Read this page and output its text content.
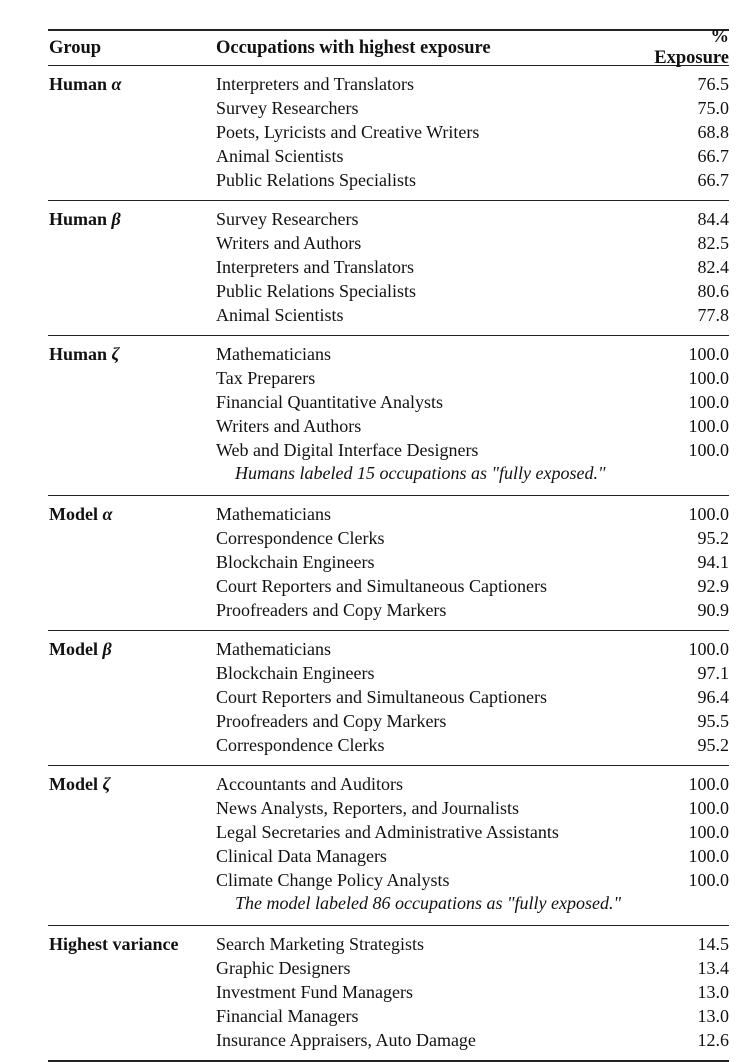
Group	Occupations with highest exposure
% Exposure
Human α	Interpreters and Translators	76.5
Survey Researchers	75.0
Poets, Lyricists and Creative Writers	68.8
Animal Scientists	66.7
Public Relations Specialists	66.7
Human β	Survey Researchers	84.4
Writers and Authors	82.5
Interpreters and Translators	82.4
Public Relations Specialists	80.6
Animal Scientists	77.8
Human ζ	Mathematicians	100.0
Tax Preparers	100.0
Financial Quantitative Analysts	100.0
Writers and Authors	100.0
Web and Digital Interface Designers	100.0
Humans labeled 15 occupations as "fully exposed."
Model α	Mathematicians	100.0
Correspondence Clerks	95.2
Blockchain Engineers	94.1
Court Reporters and Simultaneous Captioners	92.9
Proofreaders and Copy Markers	90.9
Model β	Mathematicians	100.0
Blockchain Engineers	97.1
Court Reporters and Simultaneous Captioners	96.4
Proofreaders and Copy Markers	95.5
Correspondence Clerks	95.2
Model ζ	Accountants and Auditors	100.0
News Analysts, Reporters, and Journalists	100.0
Legal Secretaries and Administrative Assistants	100.0
Clinical Data Managers	100.0
Climate Change Policy Analysts	100.0
The model labeled 86 occupations as "fully exposed."
Highest variance	Search Marketing Strategists	14.5
Graphic Designers	13.4
Investment Fund Managers	13.0
Financial Managers	13.0
Insurance Appraisers, Auto Damage	12.6
